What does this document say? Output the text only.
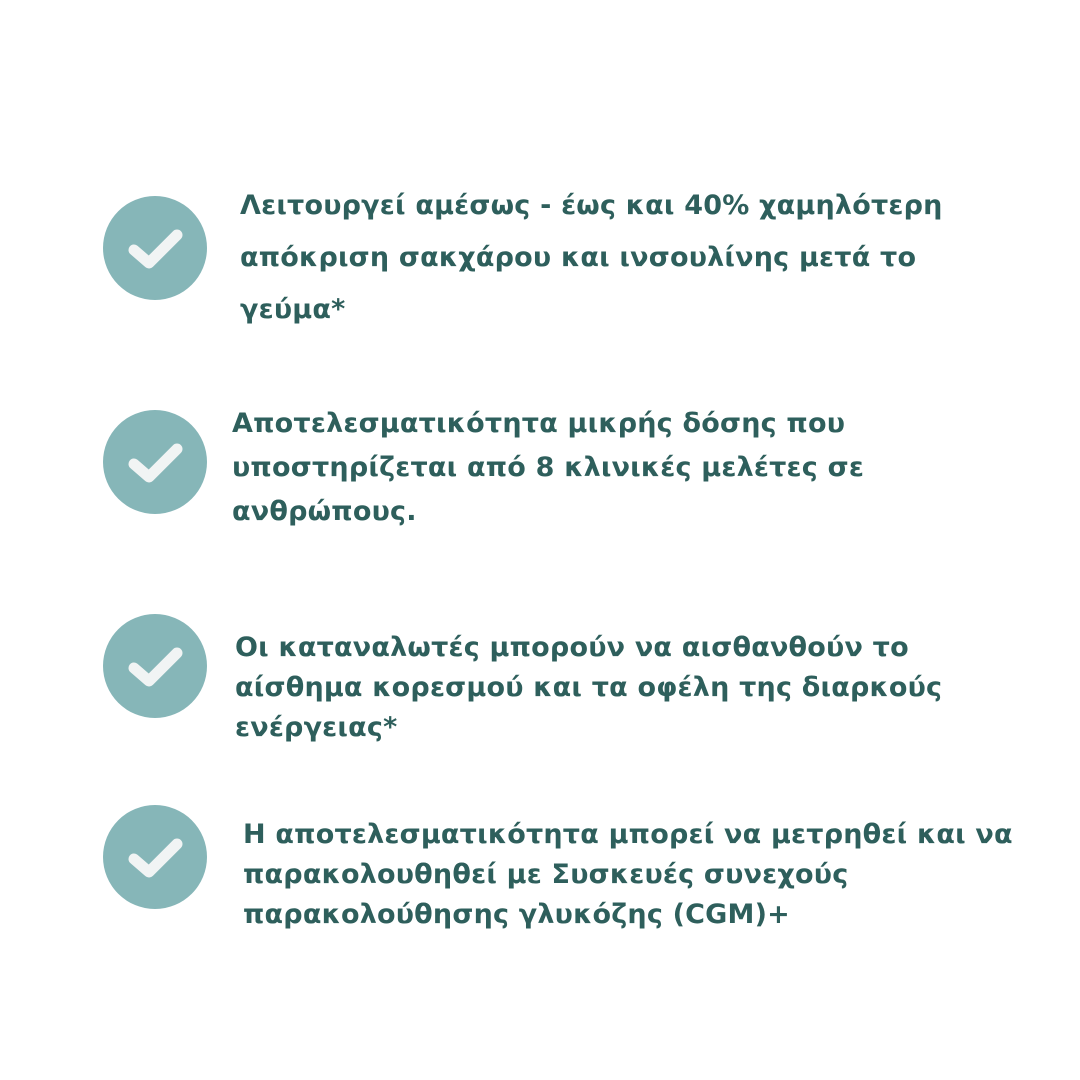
Λειτουργεί αμέσως - έως και 40% χαμηλότερη
απόκριση σακχάρου και ινσουλίνης μετά το
γεύμα*
Αποτελεσματικότητα μικρής δόσης που
υποστηρίζεται από 8 κλινικές μελέτες σε
ανθρώπους.
Οι καταναλωτές μπορούν να αισθανθούν το
αίσθημα κορεσμού και τα οφέλη της διαρκούς
ενέργειας*
Η αποτελεσματικότητα μπορεί να μετρηθεί και να
παρακολουθηθεί με Συσκευές συνεχούς
παρακολούθησης γλυκόζης (CGM)+
